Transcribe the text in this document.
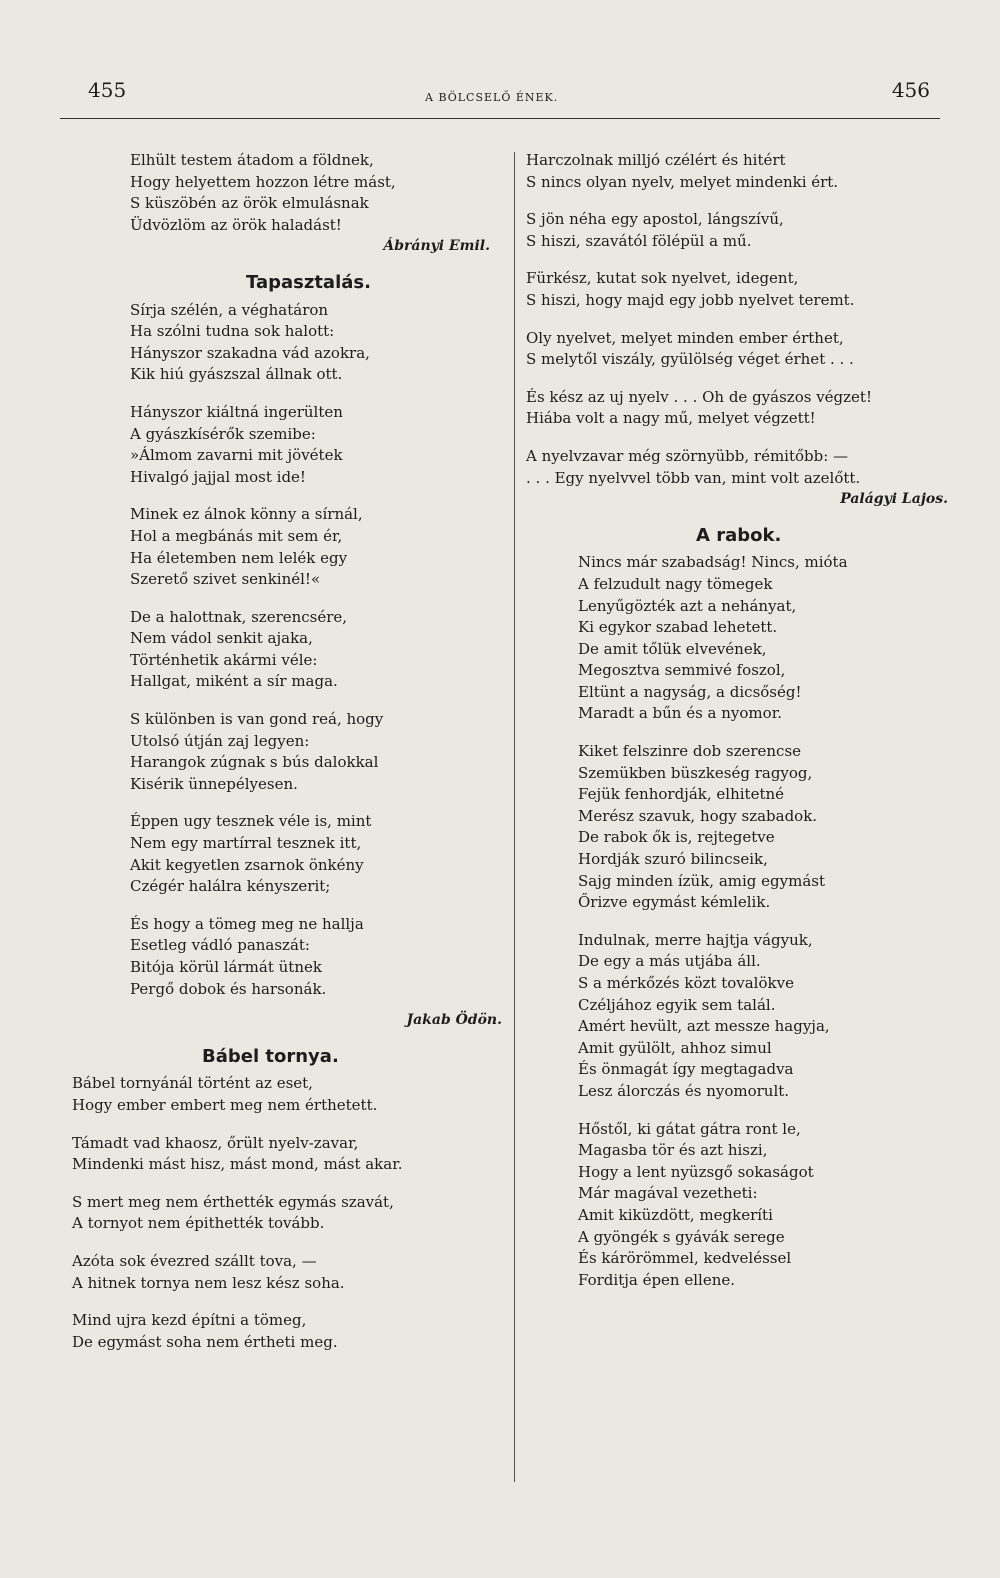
455	A BÖLCSELŐ ÉNEK.	456
Elhült testem átadom a földnek,
Hogy helyettem hozzon létre mást,
S küszöbén az örök elmulásnak
Üdvözlöm az örök haladást!
Ábrányi Emil.
Tapasztalás.
Sírja szélén, a véghatáron
Ha szólni tudna sok halott:
Hányszor szakadna vád azokra,
Kik hiú gyászszal állnak ott.
Hányszor kiáltná ingerülten
A gyászkísérők szemibe:
»Álmom zavarni mit jövétek
Hivalgó jajjal most ide!
Minek ez álnok könny a sírnál,
Hol a megbánás mit sem ér,
Ha életemben nem lelék egy
Szerető szivet senkinél!«
De a halottnak, szerencsére,
Nem vádol senkit ajaka,
Történhetik akármi véle:
Hallgat, miként a sír maga.
S különben is van gond reá, hogy
Utolsó útján zaj legyen:
Harangok zúgnak s bús dalokkal
Kisérik ünnepélyesen.
Éppen ugy tesznek véle is, mint
Nem egy martírral tesznek itt,
Akit kegyetlen zsarnok önkény
Czégér halálra kényszerit;
És hogy a tömeg meg ne hallja
Esetleg vádló panaszát:
Bitója körül lármát ütnek
Pergő dobok és harsonák.
Jakab Ödön.
Bábel tornya.
Bábel tornyánál történt az eset,
Hogy ember embert meg nem érthetett.
Támadt vad khaosz, őrült nyelv-zavar,
Mindenki mást hisz, mást mond, mást akar.
S mert meg nem érthették egymás szavát,
A tornyot nem épithették tovább.
Azóta sok évezred szállt tova, —
A hitnek tornya nem lesz kész soha.
Mind ujra kezd építni a tömeg,
De egymást soha nem értheti meg.
Harczolnak milljó czélért és hitért
S nincs olyan nyelv, melyet mindenki ért.
S jön néha egy apostol, lángszívű,
S hiszi, szavától fölépül a mű.
Fürkész, kutat sok nyelvet, idegent,
S hiszi, hogy majd egy jobb nyelvet teremt.
Oly nyelvet, melyet minden ember érthet,
S melytől viszály, gyülölség véget érhet . . .
És kész az uj nyelv . . . Oh de gyászos végzet!
Hiába volt a nagy mű, melyet végzett!
A nyelvzavar még szörnyübb, rémitőbb: —
. . . Egy nyelvvel több van, mint volt azelőtt.
Palágyi Lajos.
A rabok.
Nincs már szabadság! Nincs, mióta
A felzudult nagy tömegek
Lenyűgözték azt a nehányat,
Ki egykor szabad lehetett.
De amit tőlük elvevének,
Megosztva semmivé foszol,
Eltünt a nagyság, a dicsőség!
Maradt a bűn és a nyomor.
Kiket felszinre dob szerencse
Szemükben büszkeség ragyog,
Fejük fenhordják, elhitetné
Merész szavuk, hogy szabadok.
De rabok ők is, rejtegetve
Hordják szuró bilincseik,
Sajg minden ízük, amig egymást
Őrizve egymást kémlelik.
Indulnak, merre hajtja vágyuk,
De egy a más utjába áll.
S a mérkőzés közt tovalökve
Czéljához egyik sem talál.
Amért hevült, azt messze hagyja,
Amit gyülölt, ahhoz simul
És önmagát így megtagadva
Lesz álorczás és nyomorult.
Hőstől, ki gátat gátra ront le,
Magasba tör és azt hiszi,
Hogy a lent nyüzsgő sokaságot
Már magával vezetheti:
Amit kiküzdött, megkeríti
A gyöngék s gyávák serege
És kárörömmel, kedveléssel
Forditja épen ellene.
